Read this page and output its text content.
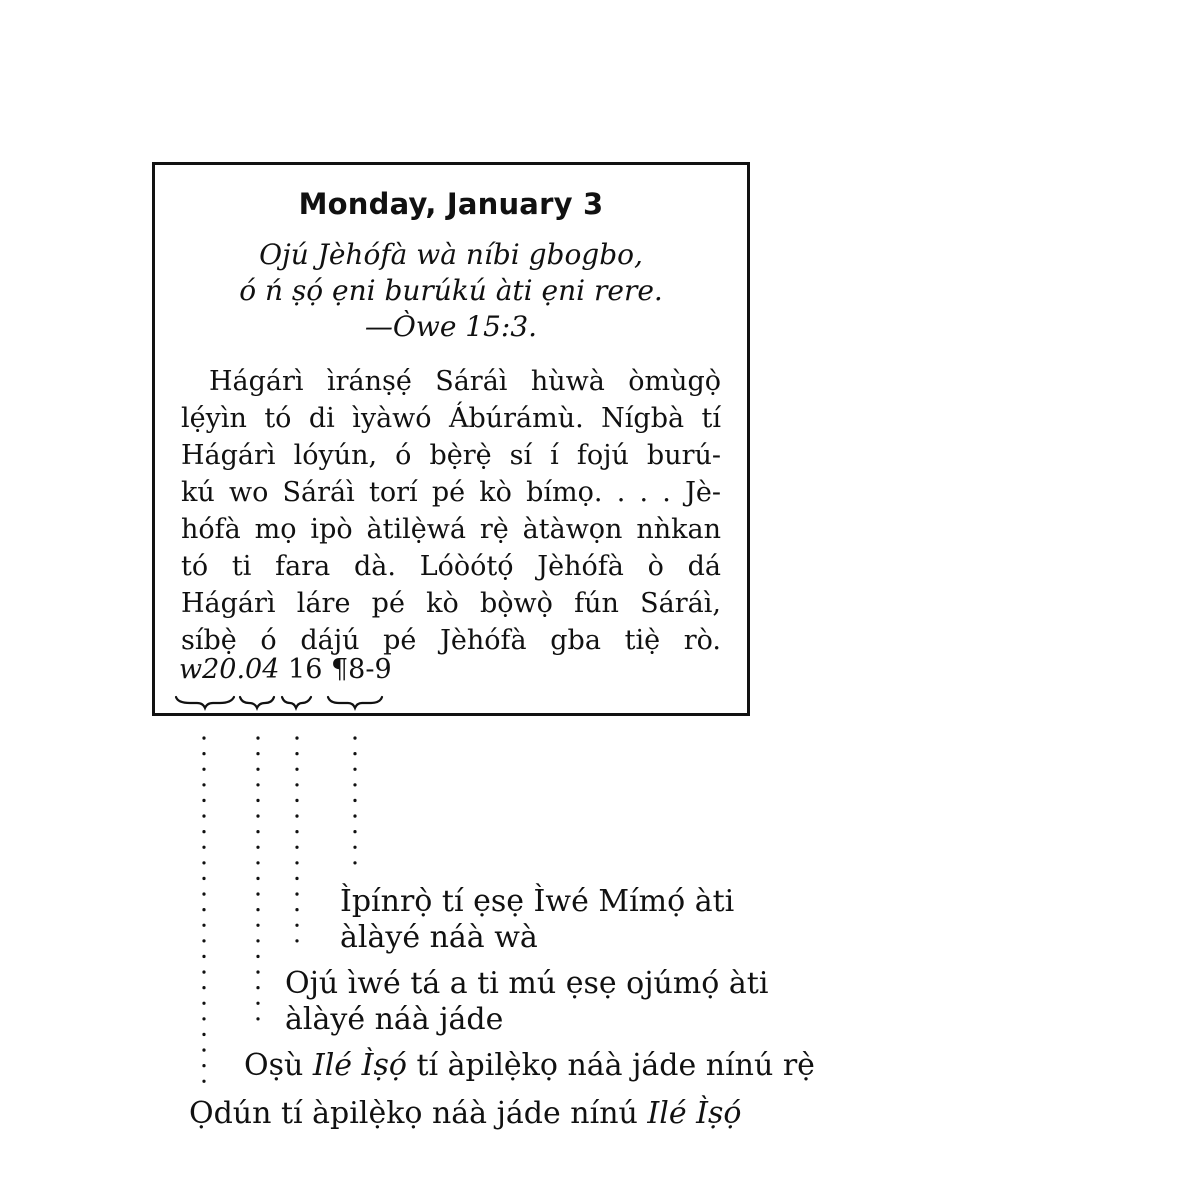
Monday, January 3
Ojú Jèhófà wà níbi gbogbo,
ó ń ṣọ́ ẹni burúkú àti ẹni rere.
—Òwe 15:3.
Hágárì ìránṣẹ́ Sáráì hùwà òmùgọ̀
lẹ́yìn tó di ìyàwó Ábúrámù. Nígbà tí
Hágárì lóyún, ó bẹ̀rẹ̀ sí í fojú burú-
kú wo Sáráì torí pé kò bímọ. . . . Jè-
hófà mọ ipò àtilẹ̀wá rẹ̀ àtàwọn nǹkan
tó ti fara dà. Lóòótọ́ Jèhófà ò dá
Hágárì láre pé kò bọ̀wọ̀ fún Sáráì,
síbẹ̀ ó dájú pé Jèhófà gba tiẹ̀ rò.
w20.04 16 ¶8-9
Ìpínrọ̀ tí ẹsẹ Ìwé Mímọ́ àti
àlàyé náà wà
Ojú ìwé tá a ti mú ẹsẹ ojúmọ́ àti
àlàyé náà jáde
Oṣù Ilé Ìṣọ́ tí àpilẹ̀kọ náà jáde nínú rẹ̀
Ọdún tí àpilẹ̀kọ náà jáde nínú Ilé Ìṣọ́
